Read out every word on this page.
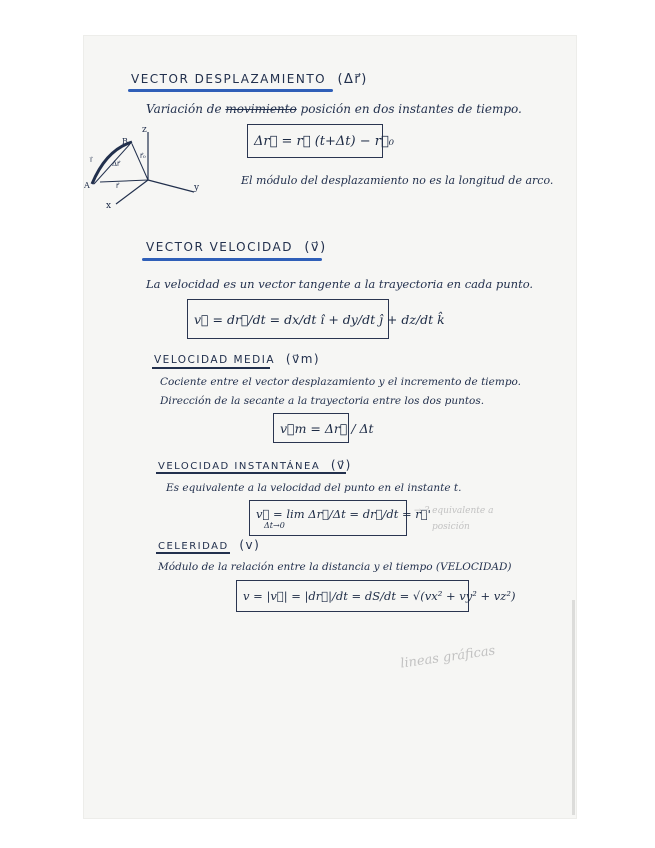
VECTOR DESPLAZAMIENTO (Δr⃗)
Variación de movimiento posición en dos instantes de tiempo.
Δr⃗ = r⃗ (t+Δt) − r⃗₀
El módulo del desplazamiento no es la longitud de arco.
z
y
x
B
A
Δr⃗
r⃗
r⃗₀
i⃗
VECTOR VELOCIDAD (v⃗)
La velocidad es un vector tangente a la trayectoria en cada punto.
v⃗ = dr⃗/dt = dx/dt î + dy/dt ĵ + dz/dt k̂
VELOCIDAD MEDIA (v⃗m)
Cociente entre el vector desplazamiento y el incremento de tiempo.
Dirección de la secante a la trayectoria entre los dos puntos.
v⃗m = Δr⃗ / Δt
VELOCIDAD INSTANTÁNEA (v⃗)
Es equivalente a la velocidad del punto en el instante t.
v⃗ = lim Δr⃗/Δt = dr⃗/dt = r⃗'
Δt→0
→ ? equivalente a
posición
CELERIDAD (v)
Módulo de la relación entre la distancia y el tiempo (VELOCIDAD)
v = |v⃗| = |dr⃗|/dt = dS/dt = √(vx² + vy² + vz²)
lineas gráficas
